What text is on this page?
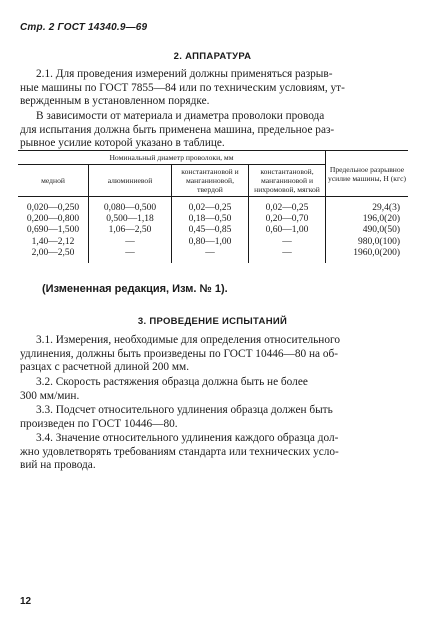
Стр. 2 ГОСТ 14340.9—69
2. АППАРАТУРА
2.1. Для проведения измерений должны применяться разрыв-
ные машины по ГОСТ 7855—84 или по техническим условиям, ут-
вержденным в установленном порядке.
В зависимости от материала и диаметра проволоки провода
для испытания должна быть применена машина, предельное раз-
рывное усилие которой указано в таблице.
Номинальный диаметр проволоки, мм				Предельное разрывное усилие машины, Н (кгс)
медной	алюминиевой	константановой и манганиновой, твердой	константановой, манганиновой и нихромовой, мягкой	
0,020—0,250	0,080—0,500	0,02—0,25	0,02—0,25	29,4(3)
0,200—0,800	0,500—1,18	0,18—0,50	0,20—0,70	196,0(20)
0,690—1,500	1,06—2,50	0,45—0,85	0,60—1,00	490,0(50)
1,40—2,12	—	0,80—1,00	—	980,0(100)
2,00—2,50	—	—	—	1960,0(200)
(Измененная редакция, Изм. № 1).
3. ПРОВЕДЕНИЕ ИСПЫТАНИЙ
3.1. Измерения, необходимые для определения относительного
удлинения, должны быть произведены по ГОСТ 10446—80 на об-
разцах с расчетной длиной 200 мм.
3.2. Скорость растяжения образца должна быть не более
300 мм/мин.
3.3. Подсчет относительного удлинения образца должен быть
произведен по ГОСТ 10446—80.
3.4. Значение относительного удлинения каждого образца дол-
жно удовлетворять требованиям стандарта или технических усло-
вий на провода.
12
